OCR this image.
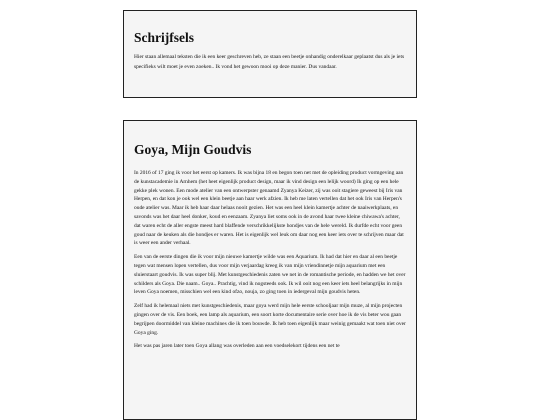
Schrijfsels

Hier staan allemaal teksten die ik een keer geschreven heb, ze staan een beetje onhandig onderelkaar geplaatst dus als je iets specifieks wilt moet je even zoeken.. Ik vond het gewoon mooi op deze manier. Dus vandaar.

Goya, Mijn Goudvis

In 2016 of 17 ging ik voor het eerst op kamers. Ik was bijna 18 en begon toen net met de opleiding product vormgeving aan de kunstacademie in Arnhem (het heet eigenlijk product design, maar ik vind design een lelijk woord) Ik ging op een hele gekke plek wonen. Een mode atelier van een ontwerpster genaamd Zyanya Keizer, zij was ooit stagiere geweest bij Iris van Herpen, en dat kon je ook wel een klein beetje aan haar werk afzien. Ik heb me laten vertellen dat het ook Iris van Herpen's oude atelier was. Maar ik heb haar daar helaas nooit gezien. Het was een heel klein kamertje achter de naaiwerkplaats, en savonds was het daar heel donker, koud en eenzaam. Zyanya liet soms ook in de avond haar twee kleine chiwawa's achter, dat waren echt de aller engste meest hard blaffende verschrikkelijkste hondjes van de hele wereld. Ik durfde echt voor geen goud naar de keuken als die hondjes er waren. Het is eigenlijk wel leuk om daar nog een keer iets over te schrijven maar dat is weer een ander verhaal.

Een van de eerste dingen die ik voor mijn nieuwe kamertje wilde was een Aquarium. Ik had dat hier en daar al een beetje tegen wat mensen lopen vertellen, dus voor mijn verjaardag kreeg ik van mijn vriendinnetje mijn aquarium met een sluierstaart goudvis. Ik was super blij. Met kunstgeschiedenis zaten we net in de romantische periode, en hadden we het over schilders als Goya. Die naam.. Goya.. Prachtig, vind ik nogsteeds ook. Ik wil ooit nog een keer iets heel belangrijks in mijn leven Goya noemen, misschien wel een kind ofzo, nouja, zo ging toen in iedergeval mijn goudvis heten.

Zelf had ik helemaal niets met kunstgeschiedenis, maar goya werd mijn hele eerste schooljaar mijn muze, al mijn projecten gingen over de vis. Een boek, een lamp als aquarium, een soort korte documentaire serie over hoe ik de vis beter wou gaan begrijpen doormiddel van kleine machines die ik toen bouwde. Ik heb toen eigenlijk maar weinig gemaakt wat toen niet over Goya ging.

Het was pas jaren later toen Goya allang was overleden aan een voedselekort tijdens een net te
